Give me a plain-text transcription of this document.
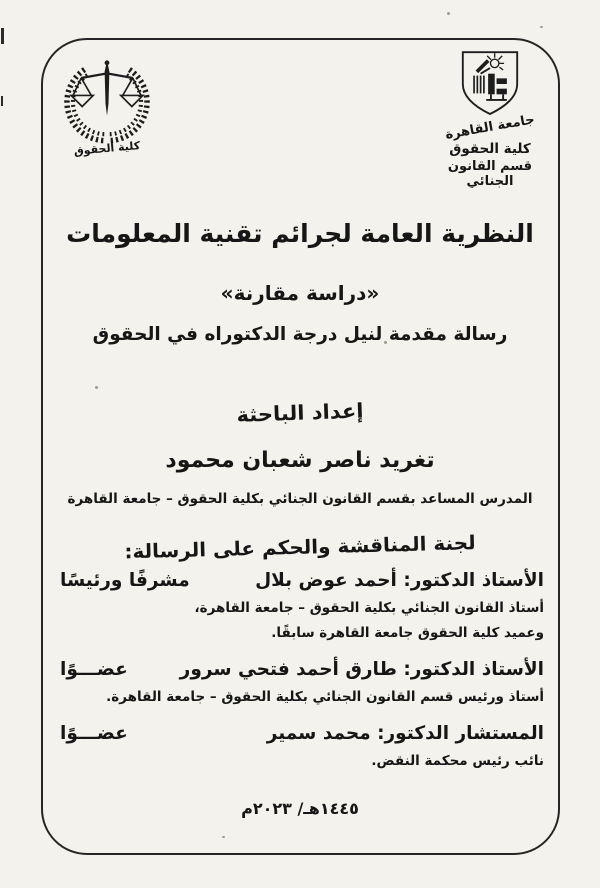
كلية الحقوق
جامعة القاهرة
كلية الحقوق
قسم القانون الجنائي
النظرية العامة لجرائم تقنية المعلومات
«دراسة مقارنة»
رسالة مقدمة لنيل درجة الدكتوراه في الحقوق
إعداد الباحثة
تغريد ناصر شعبان محمود
المدرس المساعد بقسم القانون الجنائي بكلية الحقوق – جامعة القاهرة
لجنة المناقشة والحكم على الرسالة:
الأستاذ الدكتور: أحمد عوض بلال
مشرفًا ورئيسًا
أستاذ القانون الجنائي بكلية الحقوق – جامعة القاهرة،
وعميد كلية الحقوق جامعة القاهرة سابقًا.
الأستاذ الدكتور: طارق أحمد فتحي سرور
عضـــوًا
أستاذ ورئيس قسم القانون الجنائي بكلية الحقوق – جامعة القاهرة.
المستشار الدكتور: محمد سمير
عضـــوًا
نائب رئيس محكمة النقض.
١٤٤٥هـ/ ٢٠٢٣م
